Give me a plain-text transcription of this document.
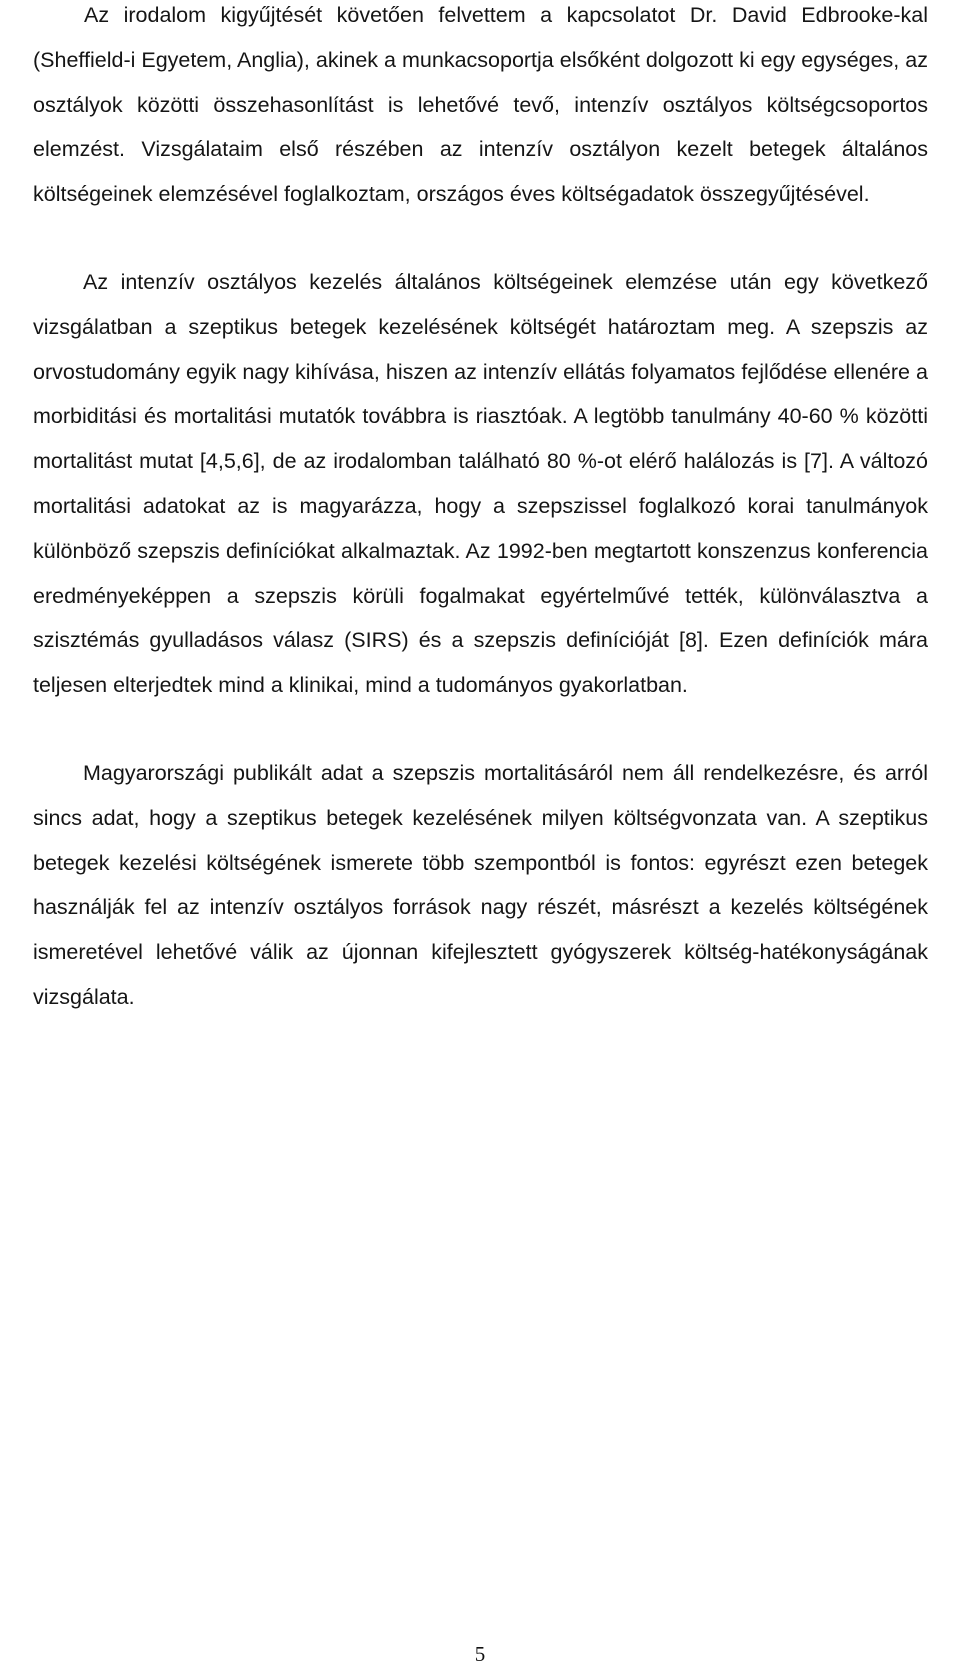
Az irodalom kigyűjtését követően felvettem a kapcsolatot Dr. David Edbrooke-kal (Sheffield-i Egyetem, Anglia), akinek a munkacsoportja elsőként dolgozott ki egy egységes, az osztályok közötti összehasonlítást is lehetővé tevő, intenzív osztályos költségcsoportos elemzést. Vizsgálataim első részében az intenzív osztályon kezelt betegek általános költségeinek elemzésével foglalkoztam, országos éves költségadatok összegyűjtésével.

Az intenzív osztályos kezelés általános költségeinek elemzése után egy következő vizsgálatban a szeptikus betegek kezelésének költségét határoztam meg. A szepszis az orvostudomány egyik nagy kihívása, hiszen az intenzív ellátás folyamatos fejlődése ellenére a morbiditási és mortalitási mutatók továbbra is riasztóak. A legtöbb tanulmány 40-60 % közötti mortalitást mutat [4,5,6], de az irodalomban található 80 %-ot elérő halálozás is [7]. A változó mortalitási adatokat az is magyarázza, hogy a szepszissel foglalkozó korai tanulmányok különböző szepszis definíciókat alkalmaztak. Az 1992-ben megtartott konszenzus konferencia eredményeképpen a szepszis körüli fogalmakat egyértelművé tették, különválasztva a szisztémás gyulladásos válasz (SIRS) és a szepszis definícióját [8]. Ezen definíciók mára teljesen elterjedtek mind a klinikai, mind a tudományos gyakorlatban.

Magyarországi publikált adat a szepszis mortalitásáról nem áll rendelkezésre, és arról sincs adat, hogy a szeptikus betegek kezelésének milyen költségvonzata van. A szeptikus betegek kezelési költségének ismerete több szempontból is fontos: egyrészt ezen betegek használják fel az intenzív osztályos források nagy részét, másrészt a kezelés költségének ismeretével lehetővé válik az újonnan kifejlesztett gyógyszerek költség-hatékonyságának vizsgálata.

5
